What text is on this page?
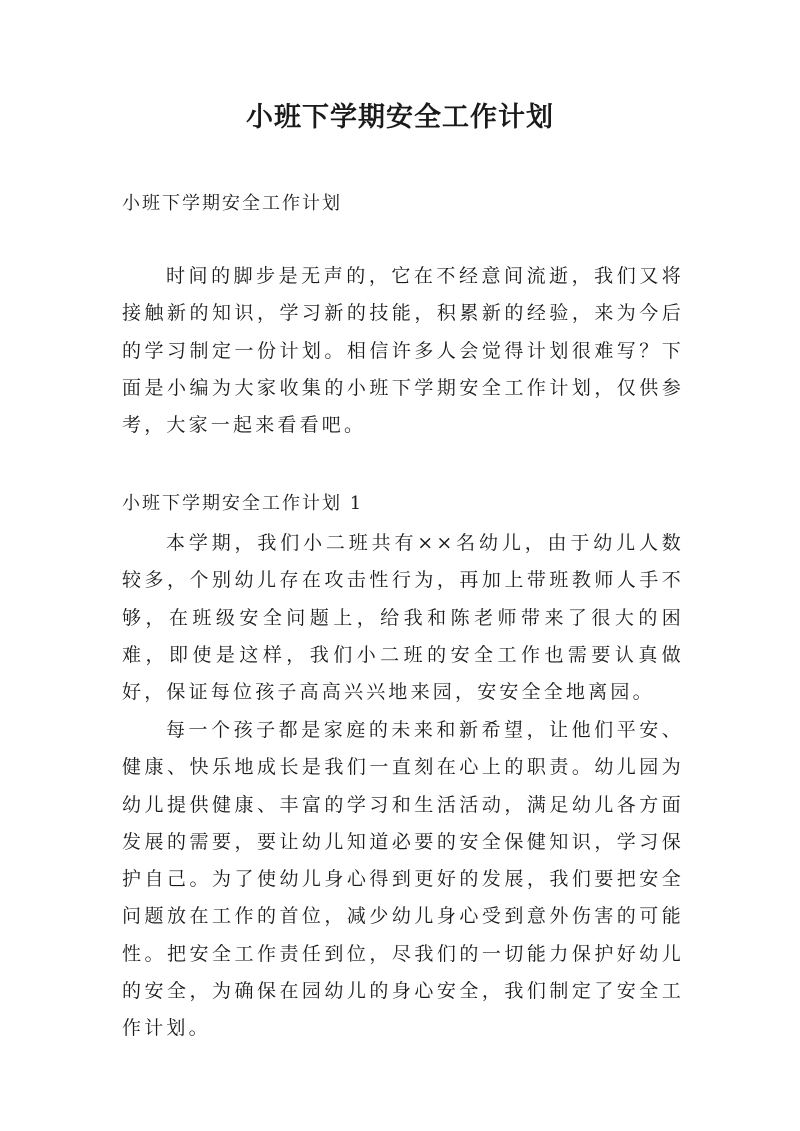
小班下学期安全工作计划

小班下学期安全工作计划

时间的脚步是无声的，它在不经意间流逝，我们又将接触新的知识，学习新的技能，积累新的经验，来为今后的学习制定一份计划。相信许多人会觉得计划很难写？下面是小编为大家收集的小班下学期安全工作计划，仅供参考，大家一起来看看吧。

小班下学期安全工作计划 1

本学期，我们小二班共有××名幼儿，由于幼儿人数较多，个别幼儿存在攻击性行为，再加上带班教师人手不够，在班级安全问题上，给我和陈老师带来了很大的困难，即使是这样，我们小二班的安全工作也需要认真做好，保证每位孩子高高兴兴地来园，安安全全地离园。

每一个孩子都是家庭的未来和新希望，让他们平安、健康、快乐地成长是我们一直刻在心上的职责。幼儿园为幼儿提供健康、丰富的学习和生活活动，满足幼儿各方面发展的需要，要让幼儿知道必要的安全保健知识，学习保护自己。为了使幼儿身心得到更好的发展，我们要把安全问题放在工作的首位，减少幼儿身心受到意外伤害的可能性。把安全工作责任到位，尽我们的一切能力保护好幼儿的安全，为确保在园幼儿的身心安全，我们制定了安全工作计划。
